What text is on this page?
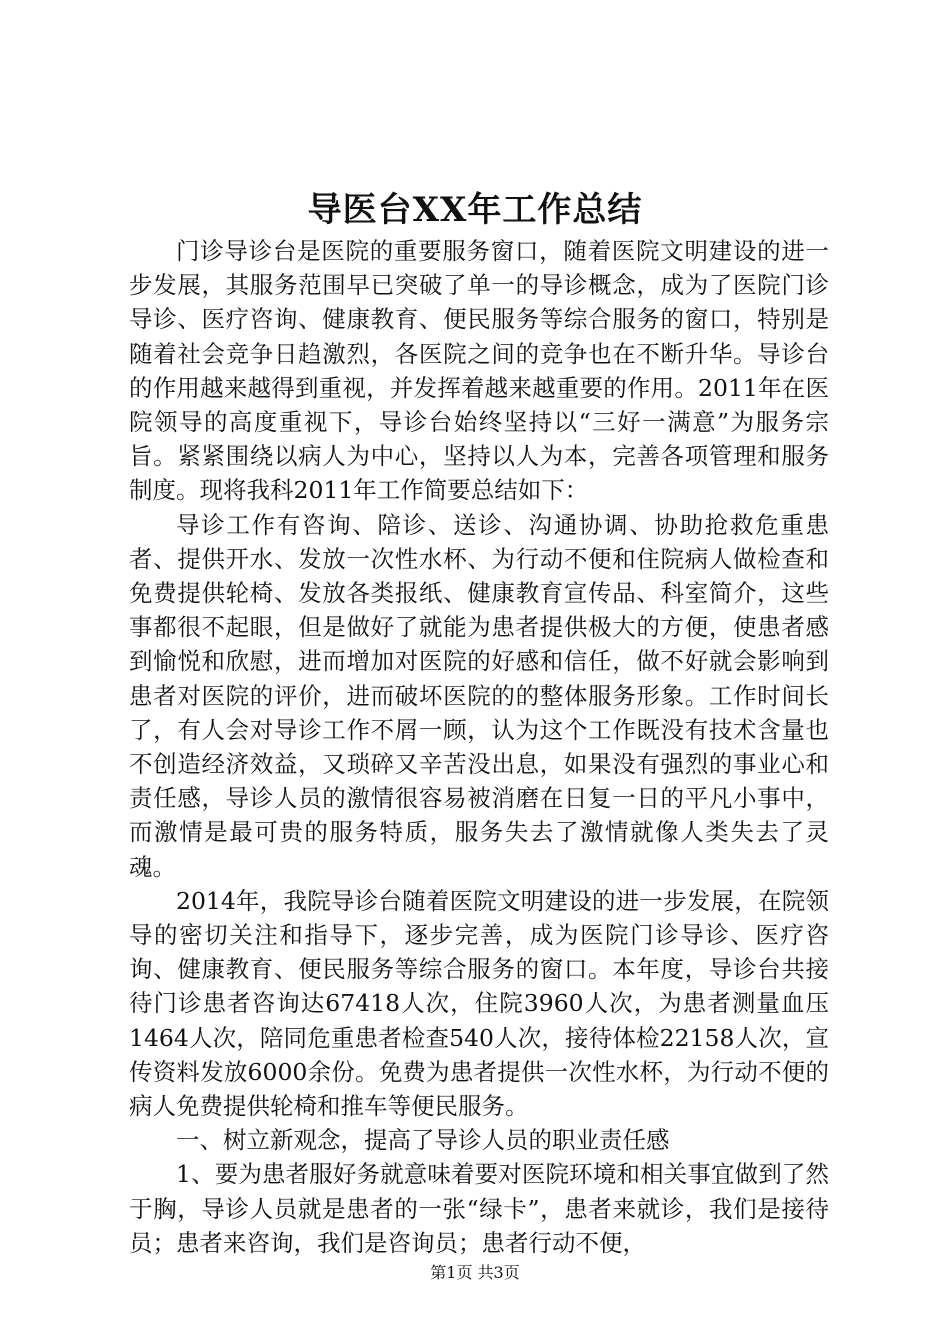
导医台XX年工作总结

门诊导诊台是医院的重要服务窗口，随着医院文明建设的进一步发展，其服务范围早已突破了单一的导诊概念，成为了医院门诊导诊、医疗咨询、健康教育、便民服务等综合服务的窗口，特别是随着社会竞争日趋激烈，各医院之间的竞争也在不断升华。导诊台的作用越来越得到重视，并发挥着越来越重要的作用。2011年在医院领导的高度重视下，导诊台始终坚持以“三好一满意”为服务宗旨。紧紧围绕以病人为中心，坚持以人为本，完善各项管理和服务制度。现将我科2011年工作简要总结如下：

导诊工作有咨询、陪诊、送诊、沟通协调、协助抢救危重患者、提供开水、发放一次性水杯、为行动不便和住院病人做检查和免费提供轮椅、发放各类报纸、健康教育宣传品、科室简介，这些事都很不起眼，但是做好了就能为患者提供极大的方便，使患者感到愉悦和欣慰，进而增加对医院的好感和信任，做不好就会影响到患者对医院的评价，进而破坏医院的的整体服务形象。工作时间长了，有人会对导诊工作不屑一顾，认为这个工作既没有技术含量也不创造经济效益，又琐碎又辛苦没出息，如果没有强烈的事业心和责任感，导诊人员的激情很容易被消磨在日复一日的平凡小事中，而激情是最可贵的服务特质，服务失去了激情就像人类失去了灵魂。

2014年，我院导诊台随着医院文明建设的进一步发展，在院领导的密切关注和指导下，逐步完善，成为医院门诊导诊、医疗咨询、健康教育、便民服务等综合服务的窗口。本年度，导诊台共接待门诊患者咨询达67418人次，住院3960人次，为患者测量血压1464人次，陪同危重患者检查540人次，接待体检22158人次，宣传资料发放6000余份。免费为患者提供一次性水杯，为行动不便的病人免费提供轮椅和推车等便民服务。

一、树立新观念，提高了导诊人员的职业责任感

1、要为患者服好务就意味着要对医院环境和相关事宜做到了然于胸，导诊人员就是患者的一张“绿卡”，患者来就诊，我们是接待员；患者来咨询，我们是咨询员；患者行动不便，

第1页 共3页
